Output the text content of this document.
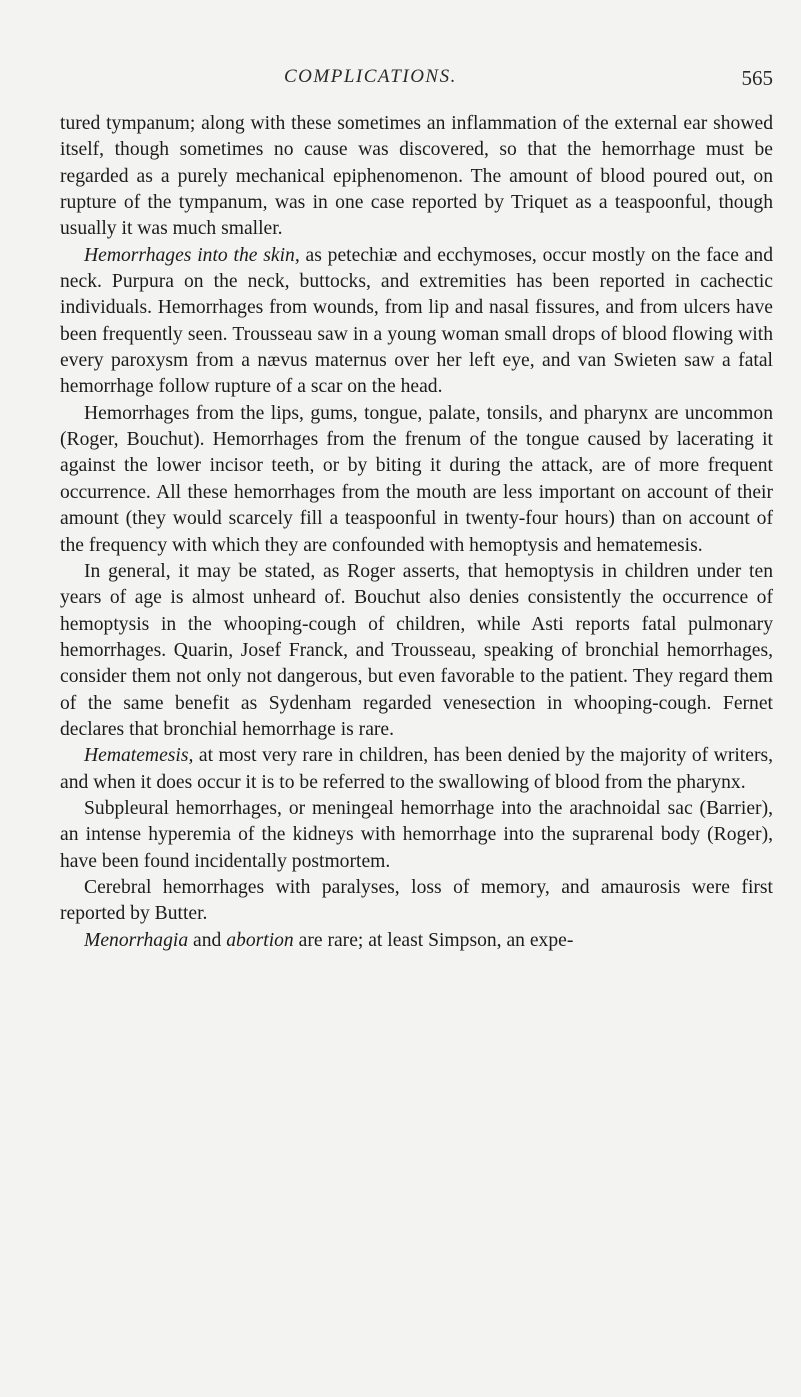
COMPLICATIONS.	565

tured tympanum; along with these sometimes an inflammation of the external ear showed itself, though sometimes no cause was discovered, so that the hemorrhage must be regarded as a purely mechanical epiphenomenon. The amount of blood poured out, on rupture of the tympanum, was in one case reported by Triquet as a teaspoonful, though usually it was much smaller.

Hemorrhages into the skin, as petechiæ and ecchymoses, occur mostly on the face and neck. Purpura on the neck, buttocks, and extremities has been reported in cachectic individuals. Hemorrhages from wounds, from lip and nasal fissures, and from ulcers have been frequently seen. Trousseau saw in a young woman small drops of blood flowing with every paroxysm from a nævus maternus over her left eye, and van Swieten saw a fatal hemorrhage follow rupture of a scar on the head.

Hemorrhages from the lips, gums, tongue, palate, tonsils, and pharynx are uncommon (Roger, Bouchut). Hemorrhages from the frenum of the tongue caused by lacerating it against the lower incisor teeth, or by biting it during the attack, are of more frequent occurrence. All these hemorrhages from the mouth are less important on account of their amount (they would scarcely fill a teaspoonful in twenty-four hours) than on account of the frequency with which they are confounded with hemoptysis and hematemesis.

In general, it may be stated, as Roger asserts, that hemoptysis in children under ten years of age is almost unheard of. Bouchut also denies consistently the occurrence of hemoptysis in the whooping-cough of children, while Asti reports fatal pulmonary hemorrhages. Quarin, Josef Franck, and Trousseau, speaking of bronchial hemorrhages, consider them not only not dangerous, but even favorable to the patient. They regard them of the same benefit as Sydenham regarded venesection in whooping-cough. Fernet declares that bronchial hemorrhage is rare.

Hematemesis, at most very rare in children, has been denied by the majority of writers, and when it does occur it is to be referred to the swallowing of blood from the pharynx.

Subpleural hemorrhages, or meningeal hemorrhage into the arachnoidal sac (Barrier), an intense hyperemia of the kidneys with hemorrhage into the suprarenal body (Roger), have been found incidentally postmortem.

Cerebral hemorrhages with paralyses, loss of memory, and amaurosis were first reported by Butter.

Menorrhagia and abortion are rare; at least Simpson, an expe-
